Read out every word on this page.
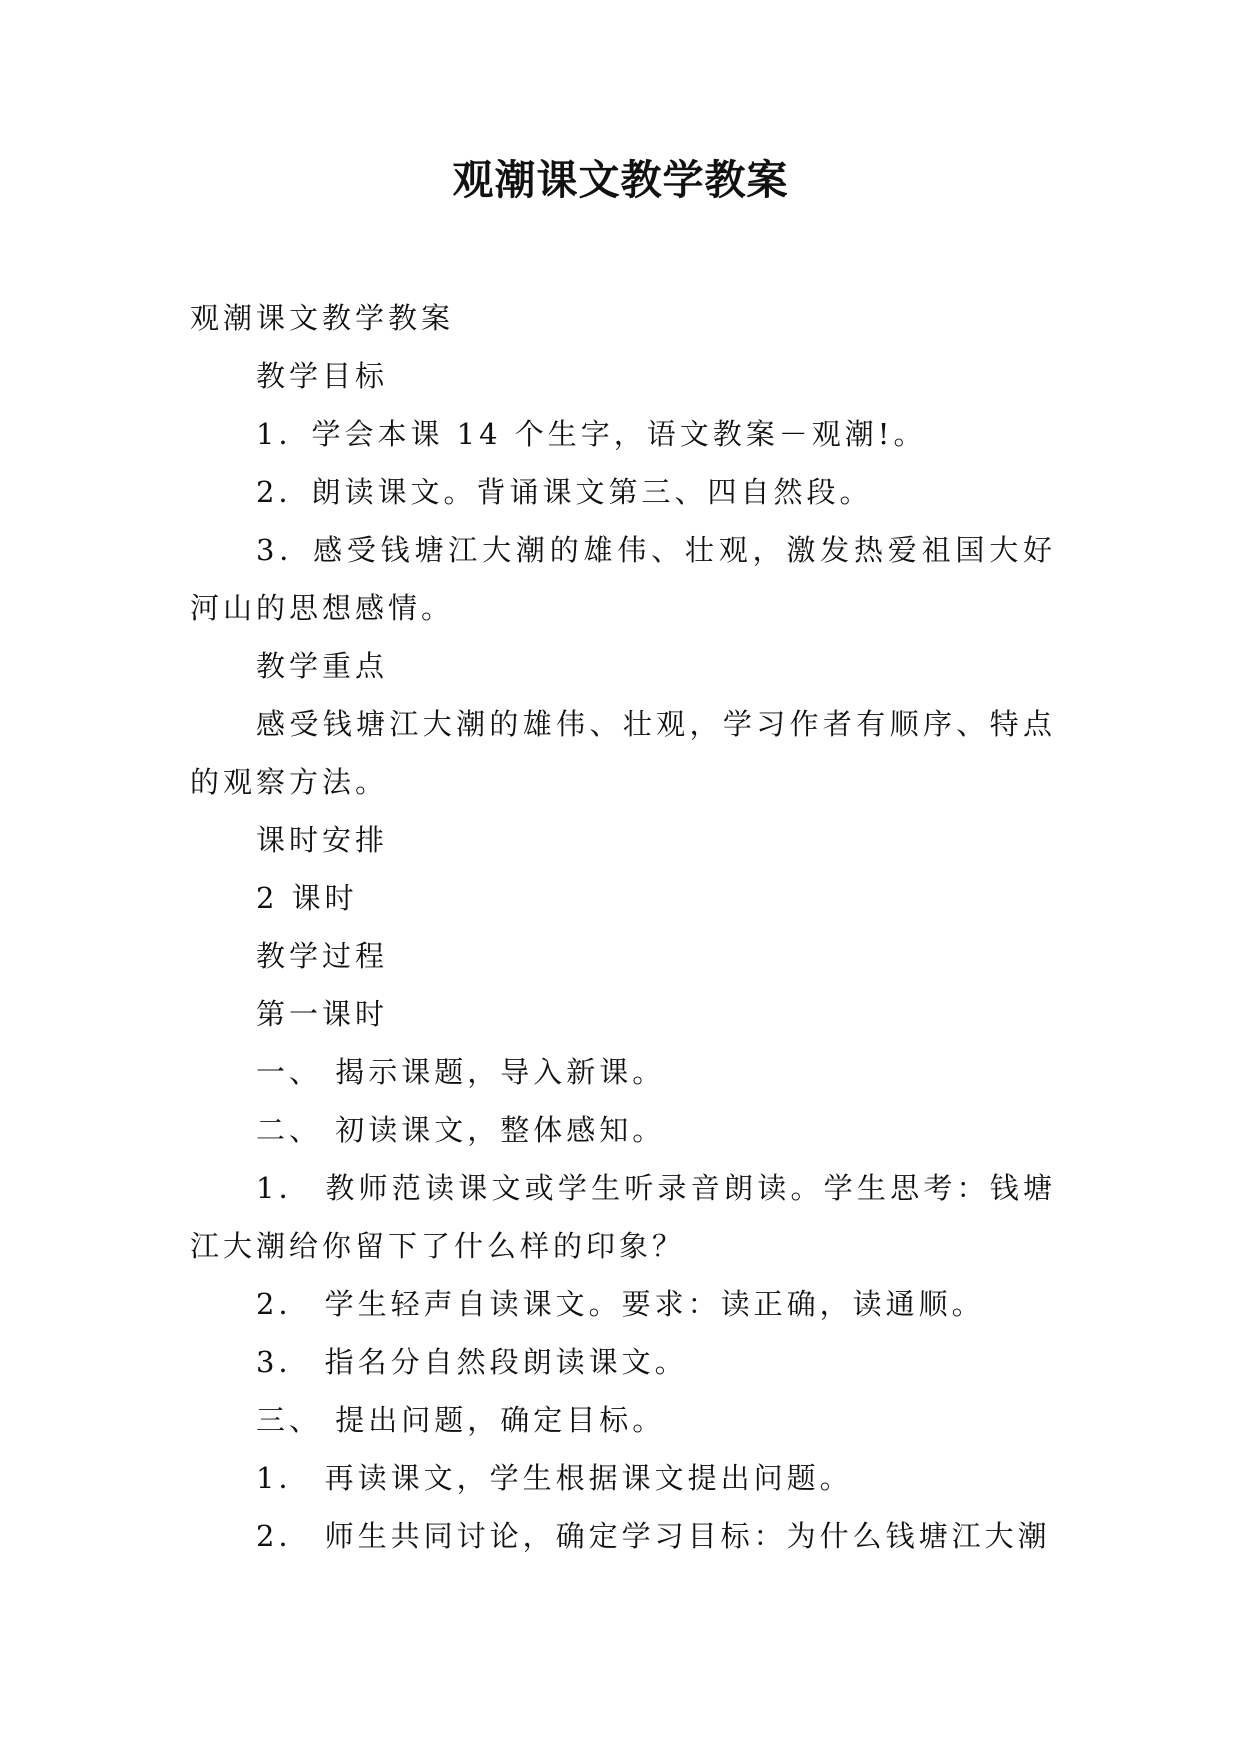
观潮课文教学教案

观潮课文教学教案

教学目标

1．学会本课 14 个生字，语文教案－观潮!。

2．朗读课文。背诵课文第三、四自然段。

3．感受钱塘江大潮的雄伟、壮观，激发热爱祖国大好河山的思想感情。

教学重点

感受钱塘江大潮的雄伟、壮观，学习作者有顺序、特点的观察方法。

课时安排

2 课时

教学过程

第一课时

一、 揭示课题，导入新课。

二、 初读课文，整体感知。

1． 教师范读课文或学生听录音朗读。学生思考：钱塘江大潮给你留下了什么样的印象？

2． 学生轻声自读课文。要求：读正确，读通顺。

3． 指名分自然段朗读课文。

三、 提出问题，确定目标。

1． 再读课文，学生根据课文提出问题。

2． 师生共同讨论，确定学习目标：为什么钱塘江大潮
